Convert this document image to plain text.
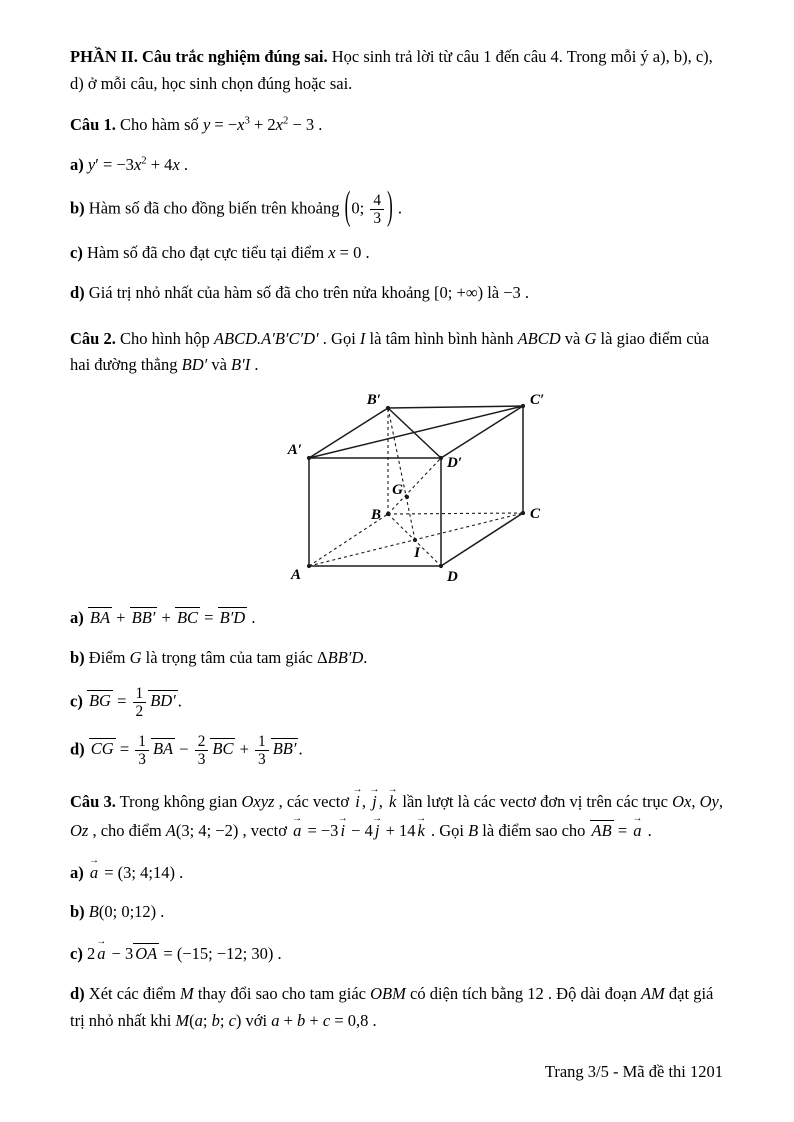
PHẦN II. Câu trắc nghiệm đúng sai. Học sinh trả lời từ câu 1 đến câu 4. Trong mỗi ý a), b), c), d) ở mỗi câu, học sinh chọn đúng hoặc sai.

Câu 1. Cho hàm số $y = -x^3 + 2x^2 - 3$ .

a) $y' = -3x^2 + 4x$ .

b) Hàm số đã cho đồng biến trên khoảng (0; $\frac{4}{3}$ ) .

c) Hàm số đã cho đạt cực tiểu tại điểm x = 0 .

d) Giá trị nhỏ nhất của hàm số đã cho trên nửa khoảng [0; +∞) là −3 .

Câu 2. Cho hình hộp ABCD.A′B′C′D′ . Gọi I là tâm hình bình hành ABCD và G là giao điểm của hai đường thẳng BD′ và B′I .

B′	C′
A′
D′
G
B	C
I
A	D

a) BA + BB′ + BC = B′D .

b) Điểm G là trọng tâm của tam giác ΔBB′D.

c) BG = $\frac{1}{2} BD'$ .

d) CG = $\frac{1}{3}$ BA − $\frac{2}{3}$ BC + $\frac{1}{3} BB'$ .

Câu 3. Trong không gian Oxyz , các vectơ i → , j → , k → lần lượt là các vectơ đơn vị trên các trục Ox, Oy, Oz , cho điểm A(3; 4; −2) , vectơ a → = −3 i → − 4 j → + 14 k → . Gọi B là điểm sao cho AB = a → .

a) a → = (3; 4;14) .

b) B(0; 0;12) .

c) 2 a → − 3 OA = (−15; −12; 30) .

d) Xét các điểm M thay đổi sao cho tam giác OBM có diện tích bằng 12 . Độ dài đoạn AM đạt giá trị nhỏ nhất khi M(a; b; c) với a + b + c = 0,8 .

Trang 3/5 - Mã đề thi 1201
